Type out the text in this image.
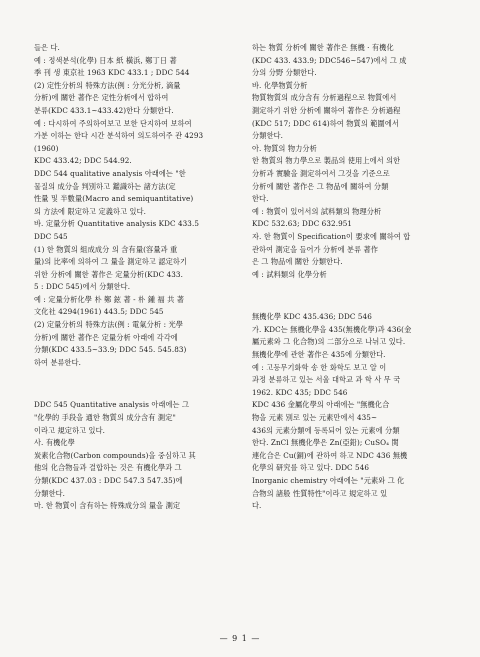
들은 다.

예 : 정색분석(化學) 日本 紙 橫浜, 鄭丁日 著

季 刊 생 東京社 1963 KDC 433.1 ; DDC 544

(2) 定性分析의 特殊方法(例 : 分光分析, 滴量

分析)에 關한 著作은 定性分析에서 합하여

분류(KDC 433.1~433.42)한다 分類한다.

예 : 다시하여 주의하여보고 보한 단지하여 보하여

가분 이하는 한다 시간 분석하여 의도하여주 관 4293

(1960)

KDC 433.42; DDC 544.92.

DDC 544 qualitative analysis 아래에는 "한

물질의 成分을 判別하고 鑑識하는 諸方法(定

性量 및 半數量(Macro and semiquantitative)

의 方法에 限定하고 定義하고 있다.

바. 定量分析 Quantitative analysis KDC 433.5

DDC 545

(1) 한 物質의 組成成分 의 含有量(容量과 重

量)의 比率에 의하여 그 量을 測定하고 認定하기

위한 分析에 關한 著作은 定量分析(KDC 433.

5 : DDC 545)에서 分類한다.

예 : 定量分析化學 朴 鄭 鉉 著 - 朴 鍾 福 共 著

文化社 4294(1961) 443.5; DDC 545

(2) 定量分析의 特殊方法(例 : 電氣分析 : 光學

分析)에 關한 著作은 定量分析 아래에 각각에

分類(KDC 433.5~33.9; DDC 545. 545.83)

하여 분류한다.

DDC 545 Quantitative analysis 아래에는 그

"化學的 手段을 通한 物質의 成分含有 測定"

이라고 規定하고 있다.

사. 有機化學

炭素化合物(Carbon compounds)을 중심하고 其

他의 化合物들과 결합하는 것은 有機化學과 그

分類(KDC 437.03 : DDC 547.3 547.35)에

分類한다.

마. 한 物質이 含有하는 特殊成分의 量을 測定

하는 物質 分析에 關한 著作은 無機 · 有機化

(KDC 433. 433.9; DDC546~547)에서 그 成

分의 分野 分類한다.

바. 化學物質分析

物質物質의 成分含有 分析過程으로 物質에서

測定하기 위한 分析에 關하여 著作은 分析過程

(KDC 517; DDC 614)하여 物質의 範圍에서

分類한다.

아. 物質의 物力分析

한 物質의 物力學으로 製品의 使用上에서 의한

分析과 實驗을 測定하여서 그것을 기준으로

分析에 關한 著作은 그 物品에 關하여 分類

한다.

예 : 物質이 있어서의 試料類의 物理分析

KDC 532.63; DDC 632.951

자. 한 物質이 Specification이 要求에 關하여 합

관하여 測定을 들어가 分析에 분류 著作

은 그 物品에 關한 分類한다.

예 : 試料類의 化學分析

無機化學 KDC 435.436; DDC 546

가. KDC는 無機化學을 435(無機化學)과 436(金

屬元素와 그 化合物)의 二部分으로 나뉘고 있다.

無機化學에 관한 著作은 435에 分類한다.

예 : 고등무기화학 송 한 화학도 보고 알 이

과정 분류하고 있는 서울 대학교 과 학 사 무 국

1962. KDC 435; DDC 546

KDC 436 金屬化學의 아래에는 "無機化合

物을 元素 別로 있는 元素만에서 435~

436의 元素分類에 등록되어 있는 元素에 分類

한다. ZnCl 無機化學은 Zn(亞鉛); CuSO₄ 関

連化合은 Cu(銅)에 관하여 하고 NDC 436 無機

化學의 研究를 하고 있다. DDC 546

Inorganic chemistry 아래에는 "元素와 그 化

合物의 諸般 性質特性"이라고 規定하고 있

다.

— 9 1 —
